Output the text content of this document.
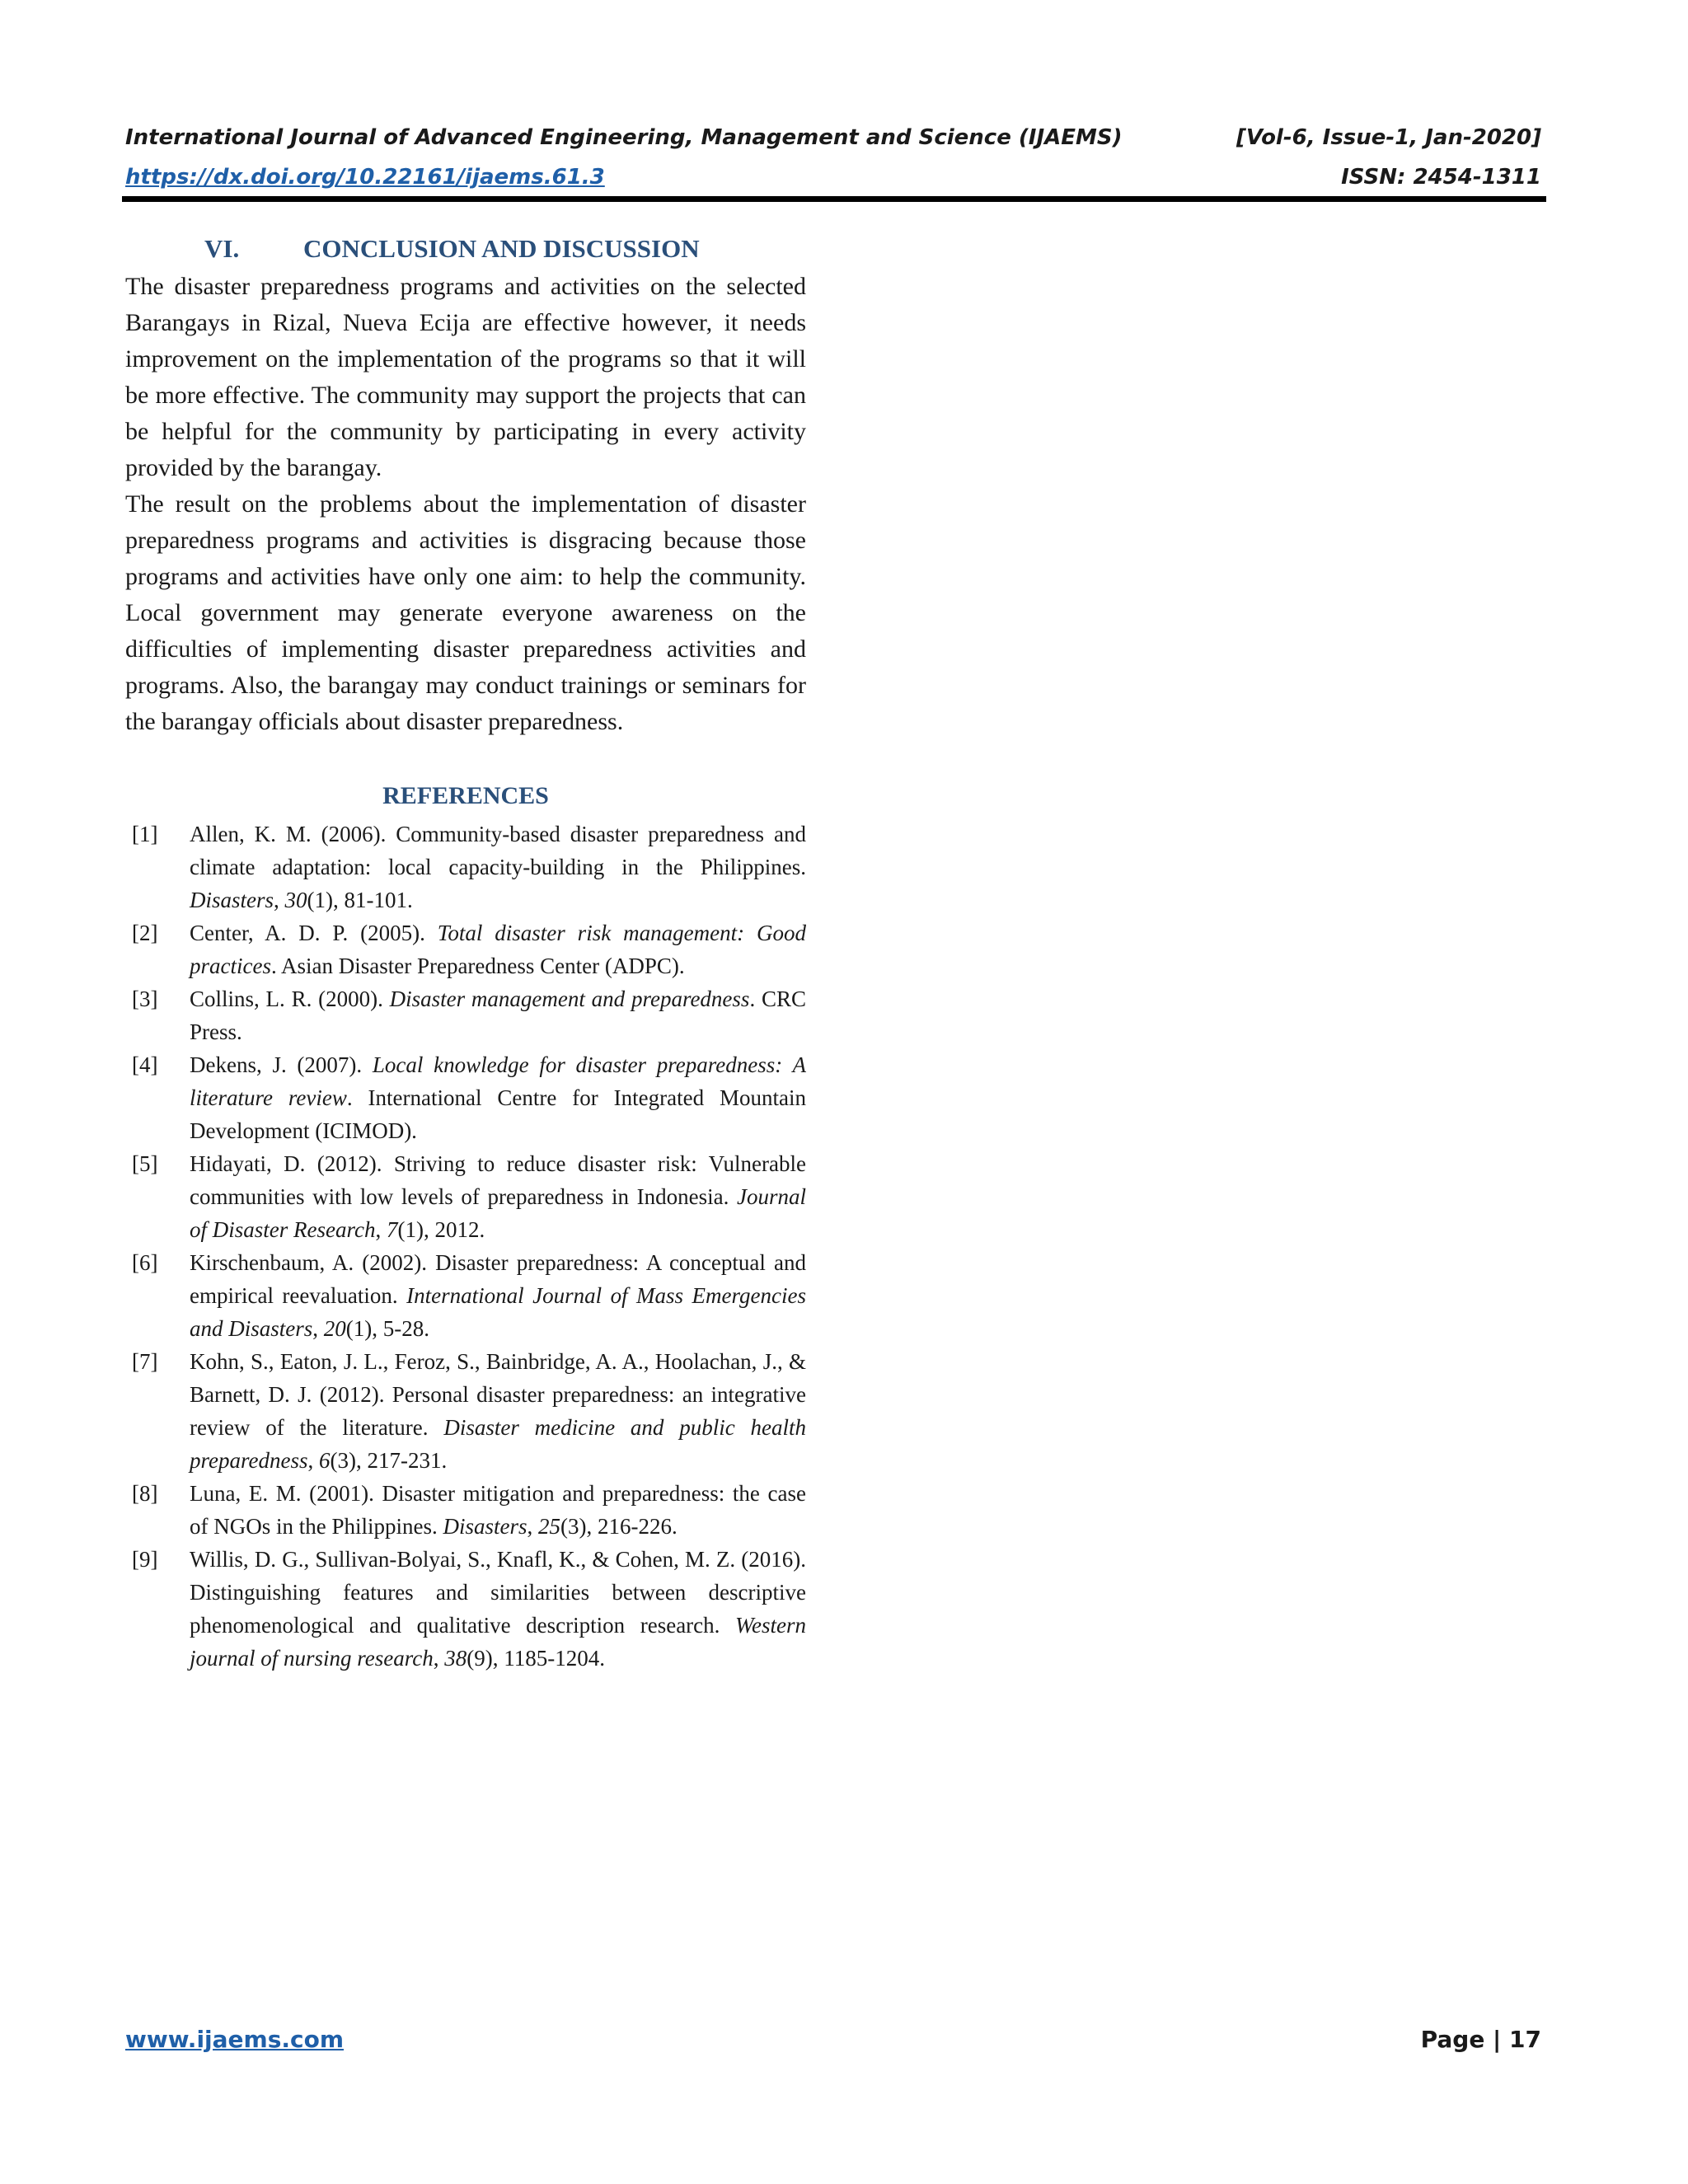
International Journal of Advanced Engineering, Management and Science (IJAEMS)	[Vol-6, Issue-1, Jan-2020]
https://dx.doi.org/10.22161/ijaems.61.3	ISSN: 2454-1311
VI.	CONCLUSION AND DISCUSSION

The disaster preparedness programs and activities on the selected Barangays in Rizal, Nueva Ecija are effective however, it needs improvement on the implementation of the programs so that it will be more effective. The community may support the projects that can be helpful for the community by participating in every activity provided by the barangay.

The result on the problems about the implementation of disaster preparedness programs and activities is disgracing because those programs and activities have only one aim: to help the community. Local government may generate everyone awareness on the difficulties of implementing disaster preparedness activities and programs. Also, the barangay may conduct trainings or seminars for the barangay officials about disaster preparedness.

REFERENCES
[1]	Allen, K. M. (2006). Community-based disaster preparedness and climate adaptation: local capacity-building in the Philippines. Disasters, 30(1), 81-101.
[2]	Center, A. D. P. (2005). Total disaster risk management: Good practices. Asian Disaster Preparedness Center (ADPC).
[3]	Collins, L. R. (2000). Disaster management and preparedness. CRC Press.
[4]	Dekens, J. (2007). Local knowledge for disaster preparedness: A literature review. International Centre for Integrated Mountain Development (ICIMOD).
[5]	Hidayati, D. (2012). Striving to reduce disaster risk: Vulnerable communities with low levels of preparedness in Indonesia. Journal of Disaster Research, 7(1), 2012.
[6]	Kirschenbaum, A. (2002). Disaster preparedness: A conceptual and empirical reevaluation. International Journal of Mass Emergencies and Disasters, 20(1), 5-28.
[7]	Kohn, S., Eaton, J. L., Feroz, S., Bainbridge, A. A., Hoolachan, J., & Barnett, D. J. (2012). Personal disaster preparedness: an integrative review of the literature. Disaster medicine and public health preparedness, 6(3), 217-231.
[8]	Luna, E. M. (2001). Disaster mitigation and preparedness: the case of NGOs in the Philippines. Disasters, 25(3), 216-226.
[9]	Willis, D. G., Sullivan-Bolyai, S., Knafl, K., & Cohen, M. Z. (2016). Distinguishing features and similarities between descriptive phenomenological and qualitative description research. Western journal of nursing research, 38(9), 1185-1204.
www.ijaems.com	Page | 17
